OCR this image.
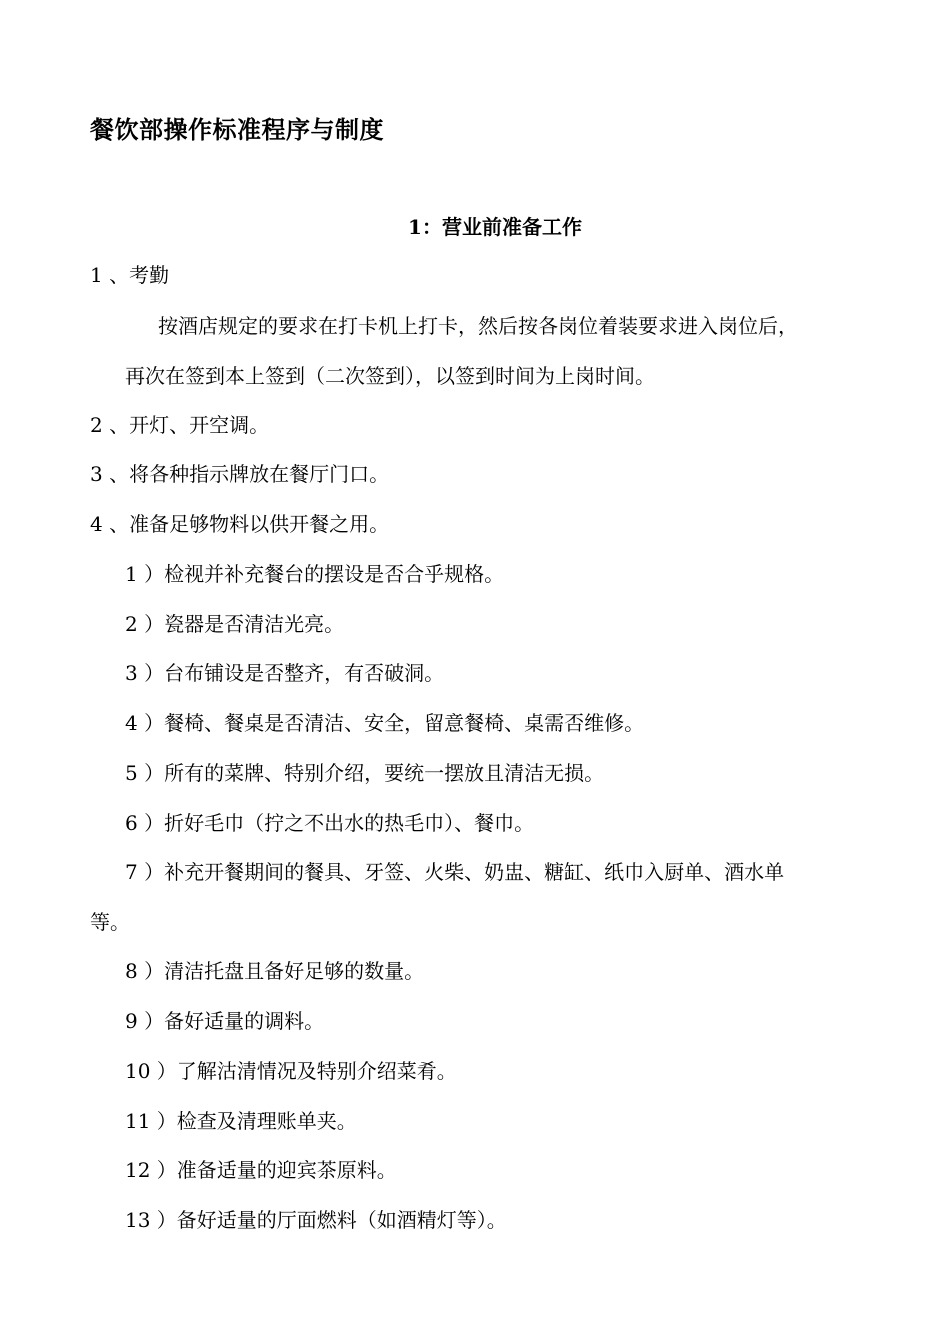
餐饮部操作标准程序与制度
1：营业前准备工作
1 、考勤
按酒店规定的要求在打卡机上打卡，然后按各岗位着装要求进入岗位后，
再次在签到本上签到（二次签到），以签到时间为上岗时间。
2 、开灯、开空调。
3 、将各种指示牌放在餐厅门口。
4 、准备足够物料以供开餐之用。
1 ）检视并补充餐台的摆设是否合乎规格。
2 ）瓷器是否清洁光亮。
3 ）台布铺设是否整齐，有否破洞。
4 ）餐椅、餐桌是否清洁、安全，留意餐椅、桌需否维修。
5 ）所有的菜牌、特别介绍，要统一摆放且清洁无损。
6 ）折好毛巾（拧之不出水的热毛巾）、餐巾。
7 ）补充开餐期间的餐具、牙签、火柴、奶盅、糖缸、纸巾入厨单、酒水单
等。
8 ）清洁托盘且备好足够的数量。
9 ）备好适量的调料。
10 ）了解沽清情况及特别介绍菜肴。
11 ）检查及清理账单夹。
12 ）准备适量的迎宾茶原料。
13 ）备好适量的厅面燃料（如酒精灯等）。
